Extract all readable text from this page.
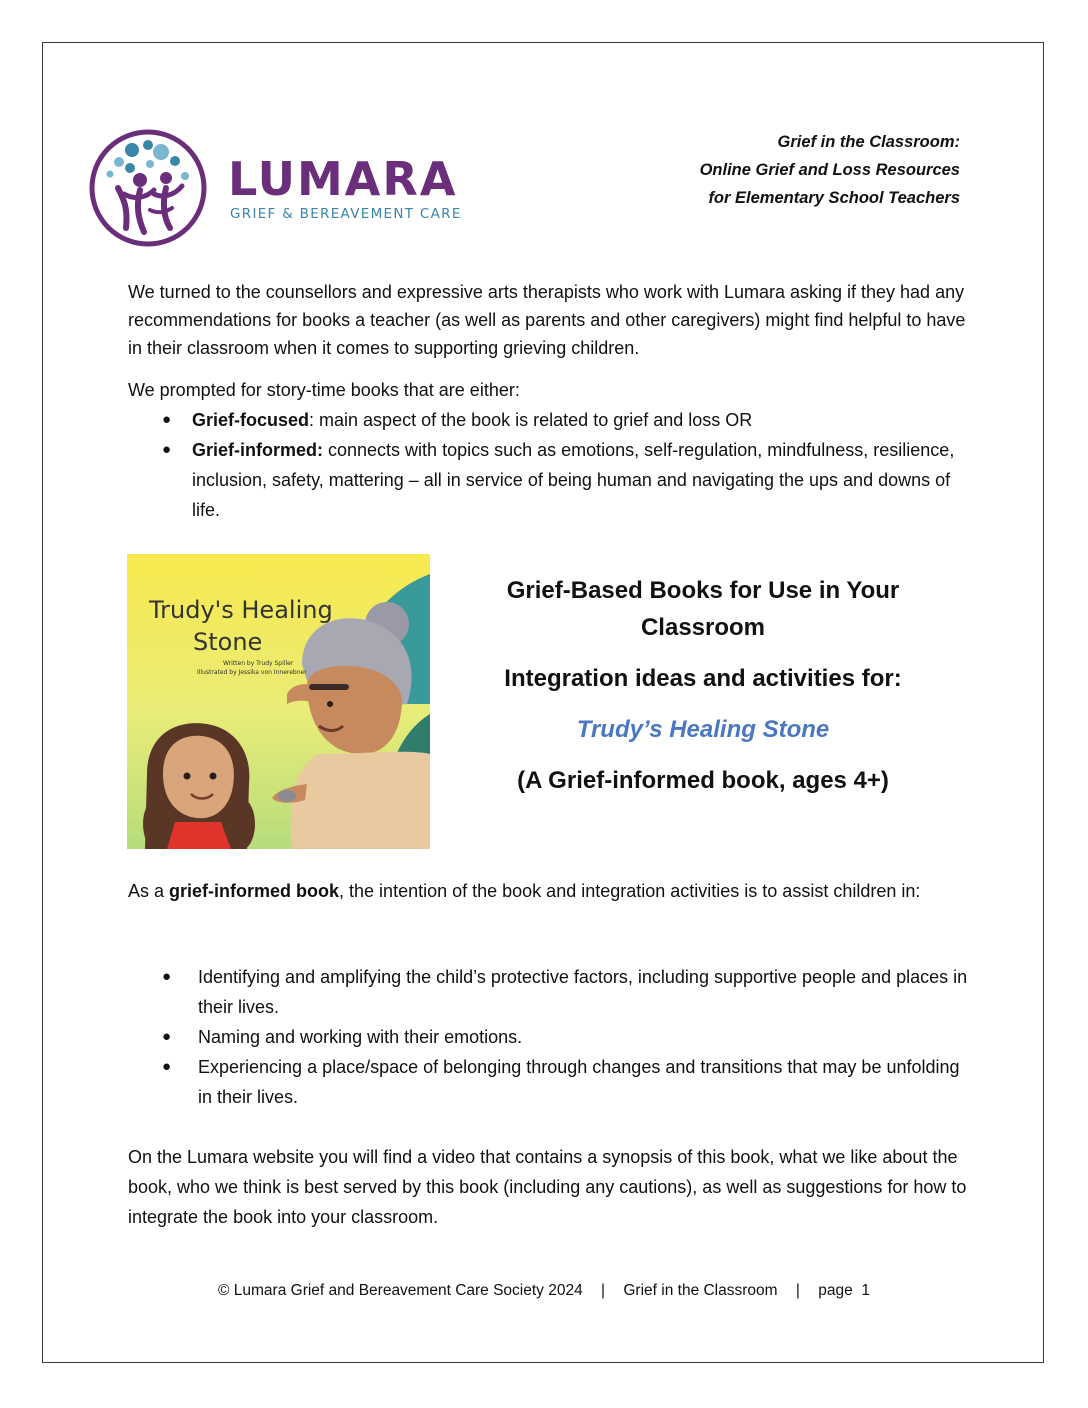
LUMARA
GRIEF & BEREAVEMENT CARE
Grief in the Classroom:
Online Grief and Loss Resources
for Elementary School Teachers

We turned to the counsellors and expressive arts therapists who work with Lumara asking if they had any recommendations for books a teacher (as well as parents and other caregivers) might find helpful to have in their classroom when it comes to supporting grieving children.

We prompted for story-time books that are either:

● Grief-focused: main aspect of the book is related to grief and loss OR
● Grief-informed: connects with topics such as emotions, self-regulation, mindfulness, resilience, inclusion, safety, mattering – all in service of being human and navigating the ups and downs of life.
Trudy's Healing
Stone
Written by Trudy Spiller
Illustrated by Jessika von Innerebner
Grief-Based Books for Use in Your Classroom
Integration ideas and activities for:
Trudy’s Healing Stone
(A Grief-informed book, ages 4+)

As a grief-informed book, the intention of the book and integration activities is to assist children in:

● Identifying and amplifying the child’s protective factors, including supportive people and places in their lives.
● Naming and working with their emotions.
● Experiencing a place/space of belonging through changes and transitions that may be unfolding in their lives.

On the Lumara website you will find a video that contains a synopsis of this book, what we like about the book, who we think is best served by this book (including any cautions), as well as suggestions for how to integrate the book into your classroom.

© Lumara Grief and Bereavement Care Society 2024 | Grief in the Classroom | page  1
